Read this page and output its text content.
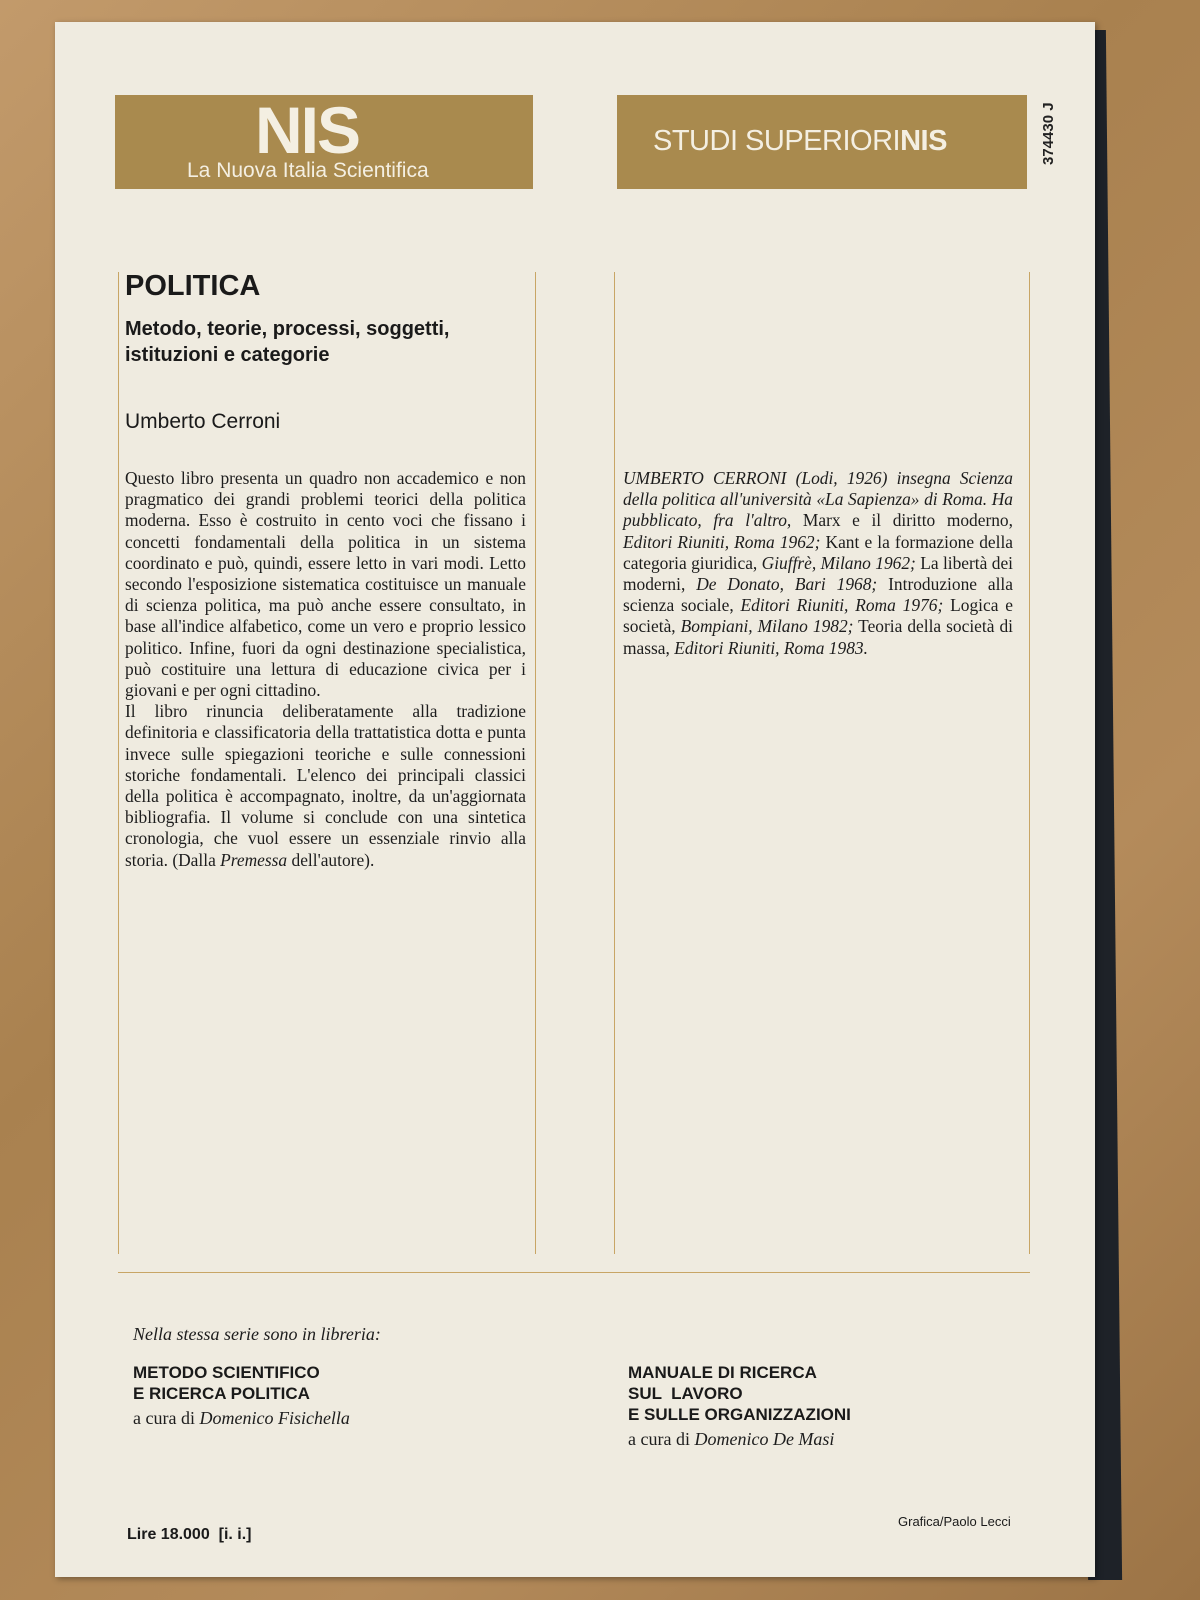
NIS
La Nuova Italia Scientifica
STUDI SUPERIORINIS	374430 J
POLITICA
Metodo, teorie, processi, soggetti, istituzioni e categorie
Umberto Cerroni

Questo libro presenta un quadro non accademico e non pragmatico dei grandi problemi teorici della politica moderna. Esso è costruito in cento voci che fissano i concetti fondamentali della politica in un sistema coordinato e può, quindi, essere letto in vari modi. Letto secondo l'esposizione sistematica costituisce un manuale di scienza politica, ma può anche essere consultato, in base all'indice alfabetico, come un vero e proprio lessico politico. Infine, fuori da ogni destinazione specialistica, può costituire una lettura di educazione civica per i giovani e per ogni cittadino.

Il libro rinuncia deliberatamente alla tradizione definitoria e classificatoria della trattatistica dotta e punta invece sulle spiegazioni teoriche e sulle connessioni storiche fondamentali. L'elenco dei principali classici della politica è accompagnato, inoltre, da un'aggiornata bibliografia. Il volume si conclude con una sintetica cronologia, che vuol essere un essenziale rinvio alla storia. (Dalla Premessa dell'autore).

UMBERTO CERRONI (Lodi, 1926) insegna Scienza della politica all'università «La Sapienza» di Roma. Ha pubblicato, fra l'altro, Marx e il diritto moderno, Editori Riuniti, Roma 1962; Kant e la formazione della categoria giuridica, Giuffrè, Milano 1962; La libertà dei moderni, De Donato, Bari 1968; Introduzione alla scienza sociale, Editori Riuniti, Roma 1976; Logica e società, Bompiani, Milano 1982; Teoria della società di massa, Editori Riuniti, Roma 1983.
Nella stessa serie sono in libreria:
METODO SCIENTIFICO
E RICERCA POLITICA
a cura di Domenico Fisichella
MANUALE DI RICERCA
SUL  LAVORO
E SULLE ORGANIZZAZIONI
a cura di Domenico De Masi
Lire 18.000  [i. i.]
Grafica/Paolo Lecci
